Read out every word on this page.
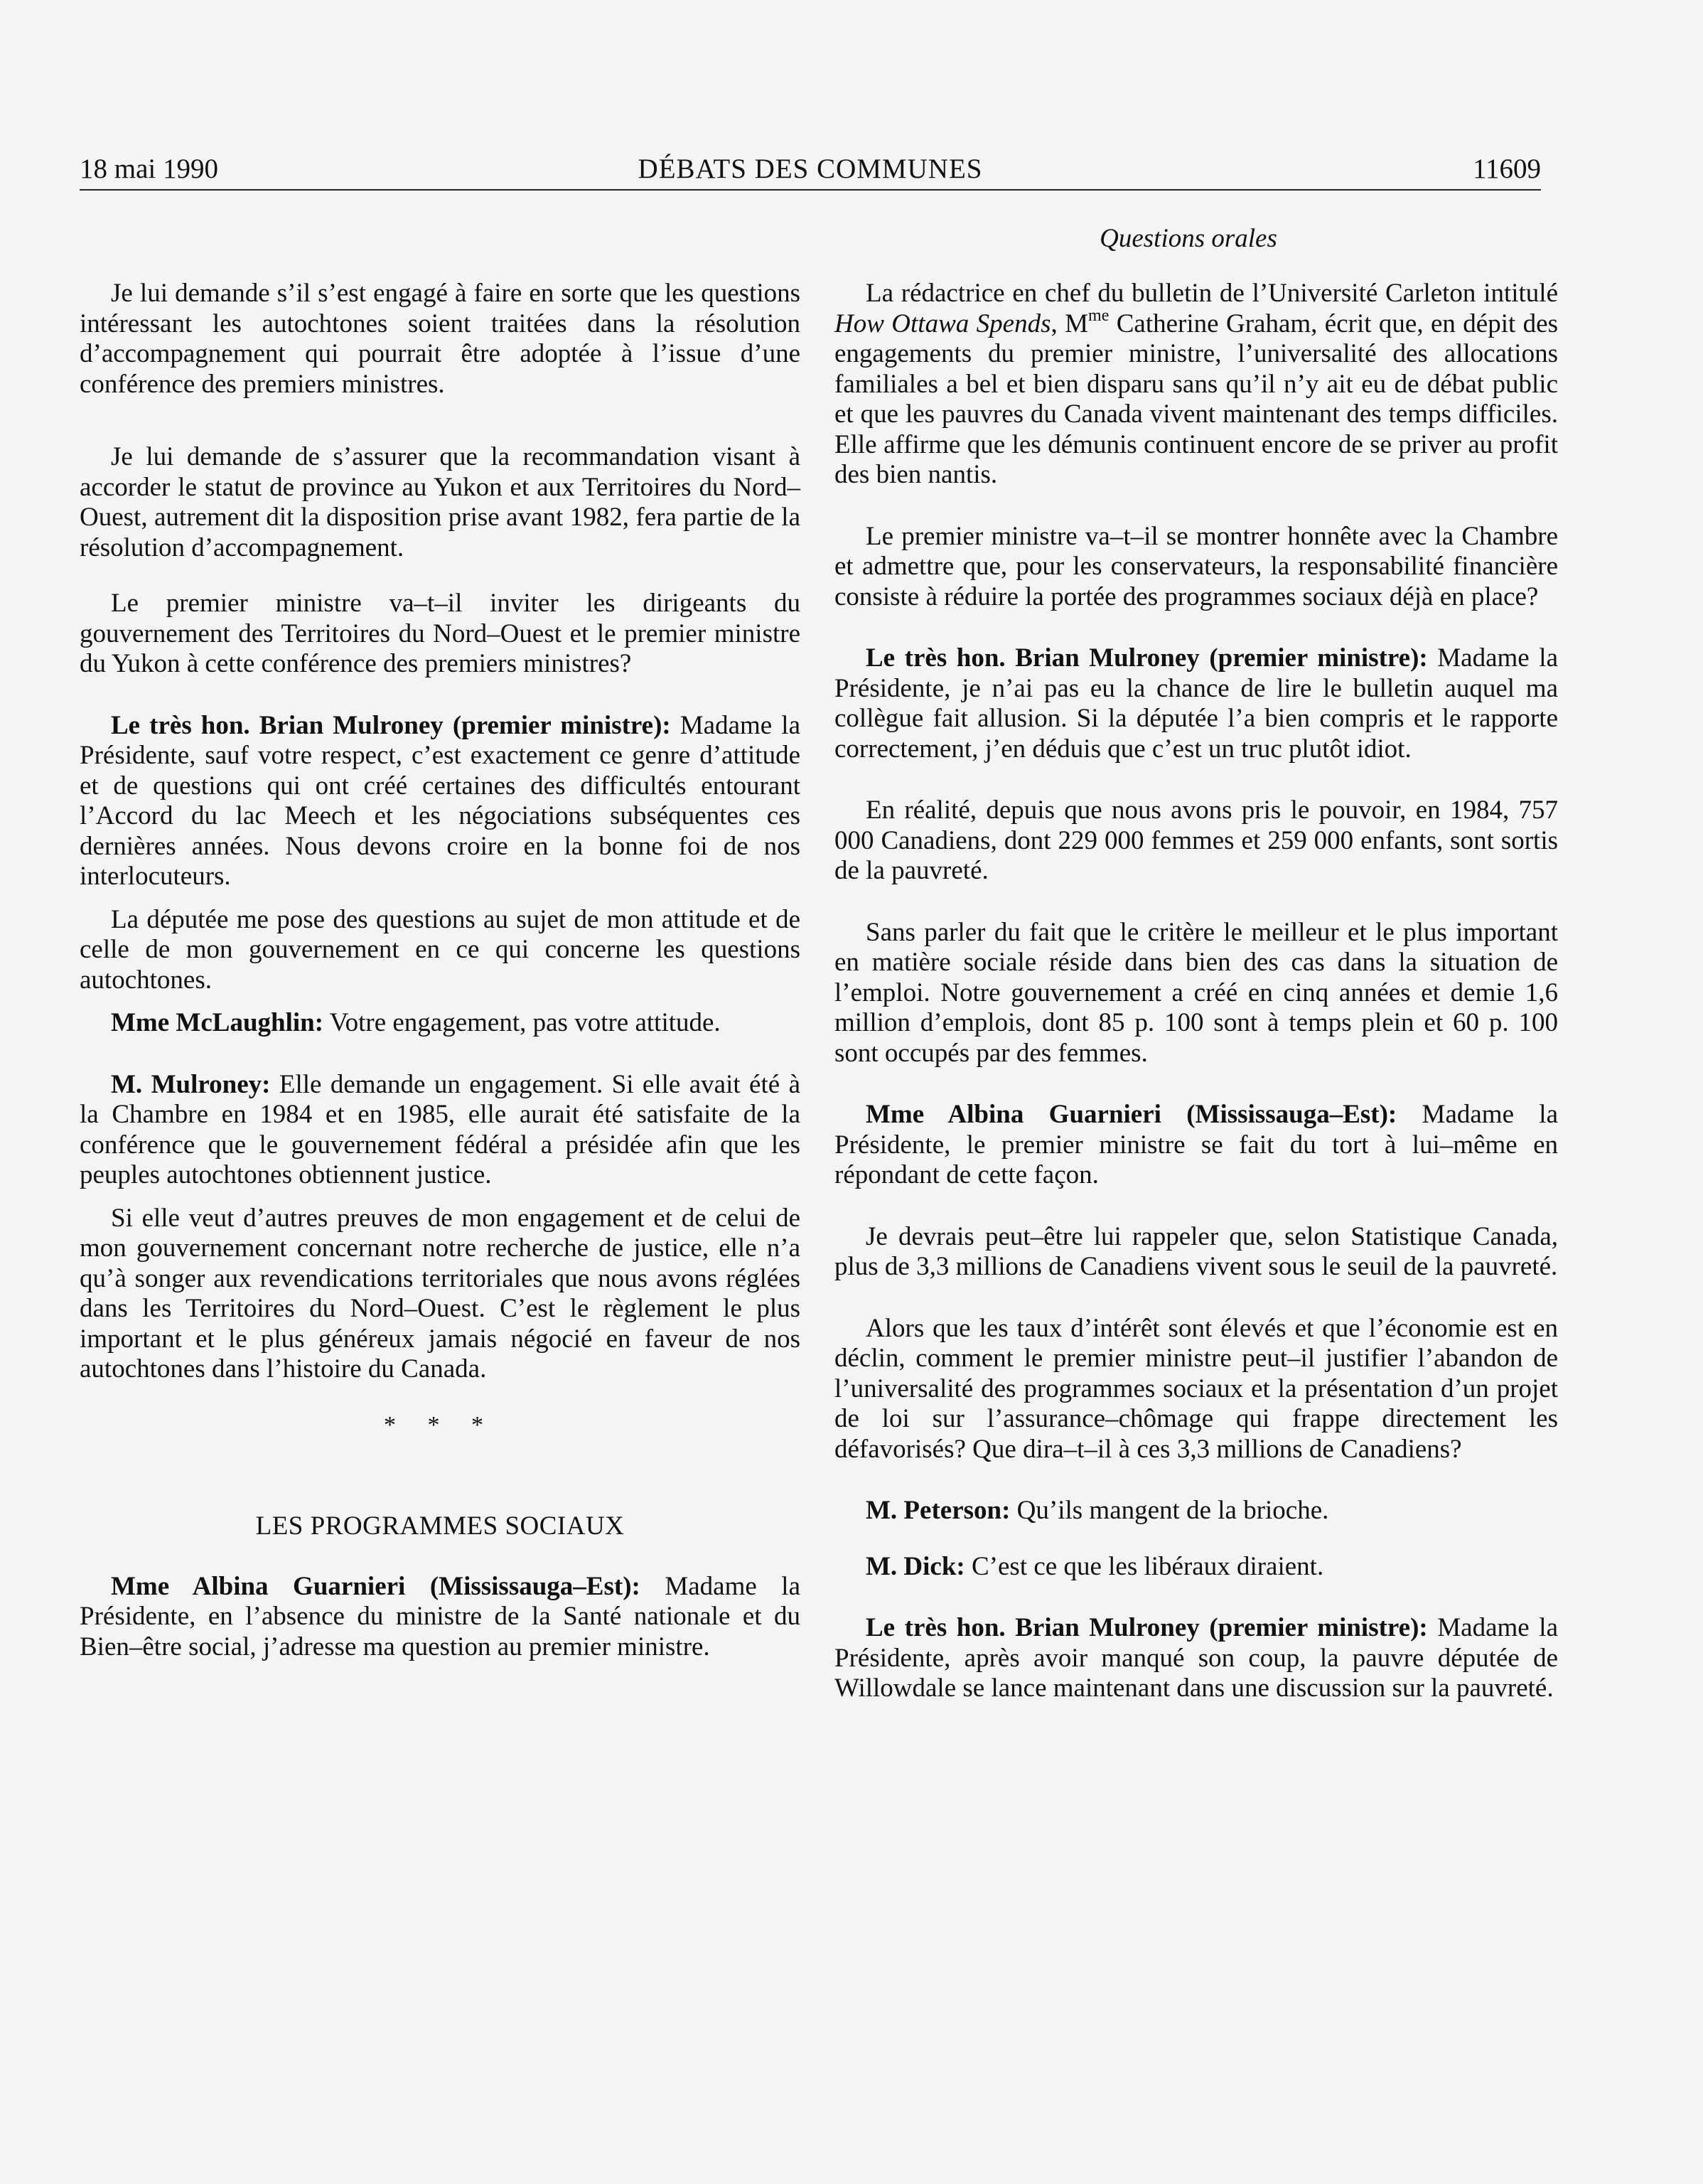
18 mai 1990	DÉBATS DES COMMUNES	11609
Questions orales

Je lui demande s’il s’est engagé à faire en sorte que les questions intéressant les autochtones soient traitées dans la résolution d’accompagnement qui pourrait être adoptée à l’issue d’une conférence des premiers ministres.

Je lui demande de s’assurer que la recommandation visant à accorder le statut de province au Yukon et aux Territoires du Nord–Ouest, autrement dit la disposition prise avant 1982, fera partie de la résolution d’accompagnement.

Le premier ministre va–t–il inviter les dirigeants du gouvernement des Territoires du Nord–Ouest et le premier ministre du Yukon à cette conférence des premiers ministres?

Le très hon. Brian Mulroney (premier ministre): Madame la Présidente, sauf votre respect, c’est exactement ce genre d’attitude et de questions qui ont créé certaines des difficultés entourant l’Accord du lac Meech et les négociations subséquentes ces dernières années. Nous devons croire en la bonne foi de nos interlocuteurs.

La députée me pose des questions au sujet de mon attitude et de celle de mon gouvernement en ce qui concerne les questions autochtones.

Mme McLaughlin: Votre engagement, pas votre attitude.

M. Mulroney: Elle demande un engagement. Si elle avait été à la Chambre en 1984 et en 1985, elle aurait été satisfaite de la conférence que le gouvernement fédéral a présidée afin que les peuples autochtones obtiennent justice.

Si elle veut d’autres preuves de mon engagement et de celui de mon gouvernement concernant notre recherche de justice, elle n’a qu’à songer aux revendications territoriales que nous avons réglées dans les Territoires du Nord–Ouest. C’est le règlement le plus important et le plus généreux jamais négocié en faveur de nos autochtones dans l’histoire du Canada.

* * *
LES PROGRAMMES SOCIAUX

Mme Albina Guarnieri (Mississauga–Est): Madame la Présidente, en l’absence du ministre de la Santé nationale et du Bien–être social, j’adresse ma question au premier ministre.

La rédactrice en chef du bulletin de l’Université Carleton intitulé How Ottawa Spends, $M^{me}$ Catherine Graham, écrit que, en dépit des engagements du premier ministre, l’universalité des allocations familiales a bel et bien disparu sans qu’il n’y ait eu de débat public et que les pauvres du Canada vivent maintenant des temps difficiles. Elle affirme que les démunis continuent encore de se priver au profit des bien nantis.

Le premier ministre va–t–il se montrer honnête avec la Chambre et admettre que, pour les conservateurs, la responsabilité financière consiste à réduire la portée des programmes sociaux déjà en place?

Le très hon. Brian Mulroney (premier ministre): Madame la Présidente, je n’ai pas eu la chance de lire le bulletin auquel ma collègue fait allusion. Si la députée l’a bien compris et le rapporte correctement, j’en déduis que c’est un truc plutôt idiot.

En réalité, depuis que nous avons pris le pouvoir, en 1984, 757 000 Canadiens, dont 229 000 femmes et 259 000 enfants, sont sortis de la pauvreté.

Sans parler du fait que le critère le meilleur et le plus important en matière sociale réside dans bien des cas dans la situation de l’emploi. Notre gouvernement a créé en cinq années et demie 1,6 million d’emplois, dont 85 p. 100 sont à temps plein et 60 p. 100 sont occupés par des femmes.

Mme Albina Guarnieri (Mississauga–Est): Madame la Présidente, le premier ministre se fait du tort à lui–même en répondant de cette façon.

Je devrais peut–être lui rappeler que, selon Statistique Canada, plus de 3,3 millions de Canadiens vivent sous le seuil de la pauvreté.

Alors que les taux d’intérêt sont élevés et que l’économie est en déclin, comment le premier ministre peut–il justifier l’abandon de l’universalité des programmes sociaux et la présentation d’un projet de loi sur l’assurance–chômage qui frappe directement les défavorisés? Que dira–t–il à ces 3,3 millions de Canadiens?

M. Peterson: Qu’ils mangent de la brioche.

M. Dick: C’est ce que les libéraux diraient.

Le très hon. Brian Mulroney (premier ministre): Madame la Présidente, après avoir manqué son coup, la pauvre députée de Willowdale se lance maintenant dans une discussion sur la pauvreté.
